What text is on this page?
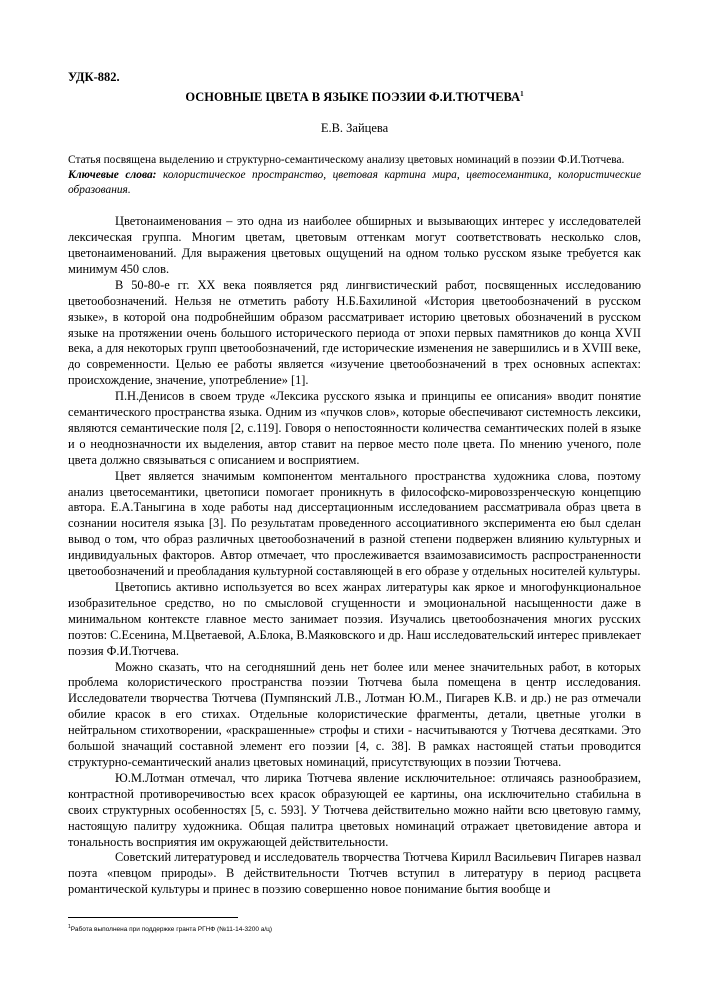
УДК-882.

ОСНОВНЫЕ ЦВЕТА В ЯЗЫКЕ ПОЭЗИИ Ф.И.ТЮТЧЕВА$^1$

Е.В. Зайцева

Статья посвящена выделению и структурно-семантическому анализу цветовых номинаций в поэзии Ф.И.Тютчева.

Ключевые слова: колористическое пространство, цветовая картина мира, цветосемантика, колористические образования.

Цветонаименования – это одна из наиболее обширных и вызывающих интерес у исследователей лексическая группа. Многим цветам, цветовым оттенкам могут соответствовать несколько слов, цветонаименований. Для выражения цветовых ощущений на одном только русском языке требуется как минимум 450 слов.

В 50-80-е гг. XX века появляется ряд лингвистический работ, посвященных исследованию цветообозначений. Нельзя не отметить работу Н.Б.Бахилиной «История цветообозначений в русском языке», в которой она подробнейшим образом рассматривает историю цветовых обозначений в русском языке на протяжении очень большого исторического периода от эпохи первых памятников до конца XVII века, а для некоторых групп цветообозначений, где исторические изменения не завершились и в XVIII веке, до современности. Целью ее работы является «изучение цветообозначений в трех основных аспектах: происхождение, значение, употребление» [1].

П.Н.Денисов в своем труде «Лексика русского языка и принципы ее описания» вводит понятие семантического пространства языка. Одним из «пучков слов», которые обеспечивают системность лексики, являются семантические поля [2, с.119]. Говоря о непостоянности количества семантических полей в языке и о неоднозначности их выделения, автор ставит на первое место поле цвета. По мнению ученого, поле цвета должно связываться с описанием и восприятием.

Цвет является значимым компонентом ментального пространства художника слова, поэтому анализ цветосемантики, цветописи помогает проникнуть в философско-мировоззренческую концепцию автора. Е.А.Таныгина в ходе работы над диссертационным исследованием рассматривала образ цвета в сознании носителя языка [3]. По результатам проведенного ассоциативного эксперимента ею был сделан вывод о том, что образ различных цветообозначений в разной степени подвержен влиянию культурных и индивидуальных факторов. Автор отмечает, что прослеживается взаимозависимость распространенности цветообозначений и преобладания культурной составляющей в его образе у отдельных носителей культуры.

Цветопись активно используется во всех жанрах литературы как яркое и многофункциональное изобразительное средство, но по смысловой сгущенности и эмоциональной насыщенности даже в минимальном контексте главное место занимает поэзия. Изучались цветообозначения многих русских поэтов: С.Есенина, М.Цветаевой, А.Блока, В.Маяковского и др. Наш исследовательский интерес привлекает поэзия Ф.И.Тютчева.

Можно сказать, что на сегодняшний день нет более или менее значительных работ, в которых проблема колористического пространства поэзии Тютчева была помещена в центр исследования. Исследователи творчества Тютчева (Пумпянский Л.В., Лотман Ю.М., Пигарев К.В. и др.) не раз отмечали обилие красок в его стихах. Отдельные колористические фрагменты, детали, цветные уголки в нейтральном стихотворении, «раскрашенные» строфы и стихи - насчитываются у Тютчева десятками. Это большой значащий составной элемент его поэзии [4, с. 38]. В рамках настоящей статьи проводится структурно-семантический анализ цветовых номинаций, присутствующих в поэзии Тютчева.

Ю.М.Лотман отмечал, что лирика Тютчева явление исключительное: отличаясь разнообразием, контрастной противоречивостью всех красок образующей ее картины, она исключительно стабильна в своих структурных особенностях [5, с. 593]. У Тютчева действительно можно найти всю цветовую гамму, настоящую палитру художника. Общая палитра цветовых номинаций отражает цветовидение автора и тональность восприятия им окружающей действительности.

Советский литературовед и исследователь творчества Тютчева Кирилл Васильевич Пигарев назвал поэта «певцом природы». В действительности Тютчев вступил в литературу в период расцвета романтической культуры и принес в поэзию совершенно новое понимание бытия вообще и

$^1$Работа выполнена при поддержке гранта РГНФ (№11-14-3200 а/ц)
